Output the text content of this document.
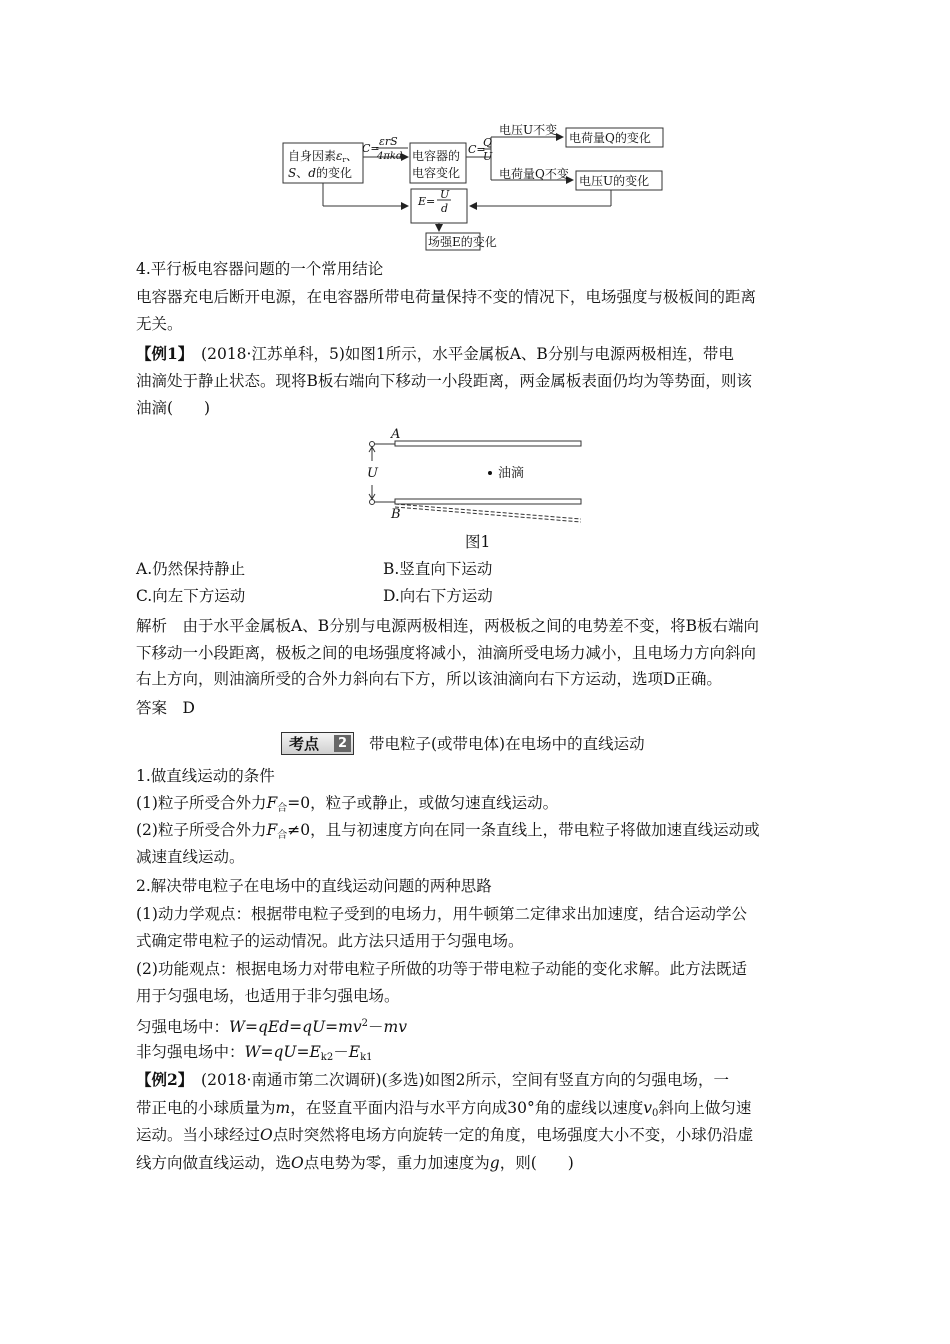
自身因素εr、
S、d的变化
C=
εrS
4πkd 电容器的
电容变化
C=
Q
U
电压U不变
电荷量Q的变化
电荷量Q不变 电压U的变化
E=
U
d
场强E的变化
4.平行板电容器问题的一个常用结论
电容器充电后断开电源，在电容器所带电荷量保持不变的情况下，电场强度与极板间的距离
无关。
【例1】　(2018·江苏单科，5)如图1所示，水平金属板A、B分别与电源两极相连，带电
油滴处于静止状态。现将B板右端向下移动一小段距离，两金属板表面仍均为等势面，则该
油滴(　　)
A
U	油滴
B
图1
A.仍然保持静止	B.竖直向下运动
C.向左下方运动	D.向右下方运动
解析　由于水平金属板A、B分别与电源两极相连，两极板之间的电势差不变，将B板右端向
下移动一小段距离，极板之间的电场强度将减小，油滴所受电场力减小，且电场力方向斜向
右上方向，则油滴所受的合外力斜向右下方，所以该油滴向右下方运动，选项D正确。
答案　D
考点	2 带电粒子(或带电体)在电场中的直线运动
1.做直线运动的条件
(1)粒子所受合外力$F_合=0$，粒子或静止，或做匀速直线运动。
(2)粒子所受合外力$F_合\ne 0$，且与初速度方向在同一条直线上，带电粒子将做加速直线运动或
减速直线运动。
2.解决带电粒子在电场中的直线运动问题的两种思路
(1)动力学观点：根据带电粒子受到的电场力，用牛顿第二定律求出加速度，结合运动学公
式确定带电粒子的运动情况。此方法只适用于匀强电场。
(2)功能观点：根据电场力对带电粒子所做的功等于带电粒子动能的变化求解。此方法既适
用于匀强电场，也适用于非匀强电场。
匀强电场中：$W=qEd=qU=mv^2-mv$
非匀强电场中：$W=qU=E_{k2}-E_{k1}$
【例2】　(2018·南通市第二次调研)(多选)如图2所示，空间有竖直方向的匀强电场，一
带正电的小球质量为m，在竖直平面内沿与水平方向成30°角的虚线以速度$v_0$斜向上做匀速
运动。当小球经过O点时突然将电场方向旋转一定的角度，电场强度大小不变，小球仍沿虚
线方向做直线运动，选O点电势为零，重力加速度为g，则(　　)
